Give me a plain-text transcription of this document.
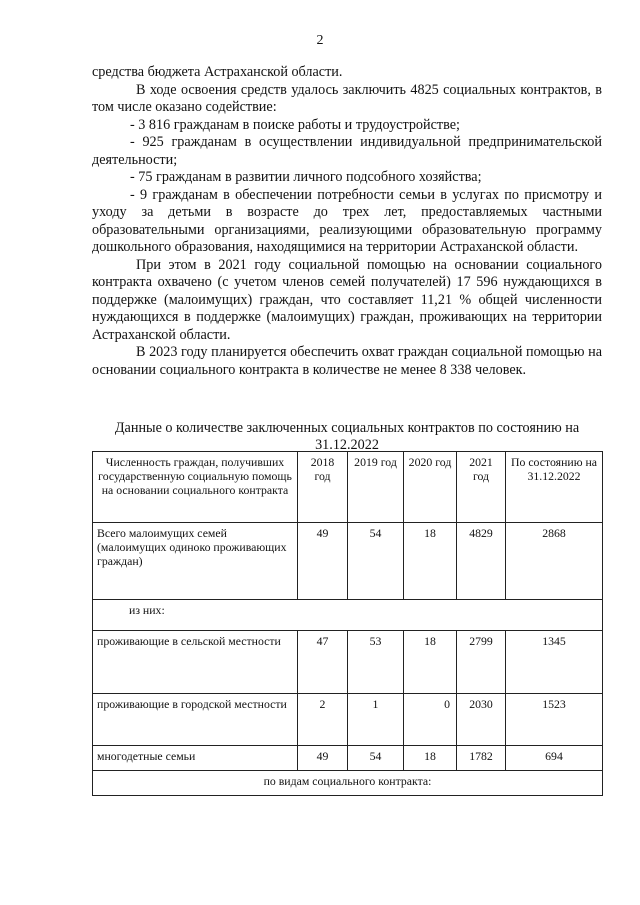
2

средства бюджета Астраханской области.

В ходе освоения средств удалось заключить 4825 социальных контрактов, в том числе оказано содействие:

- 3 816 гражданам в поиске работы и трудоустройстве;

- 925 гражданам в осуществлении индивидуальной предпринимательской деятельности;

- 75 гражданам в развитии личного подсобного хозяйства;

- 9 гражданам в обеспечении потребности семьи в услугах по присмотру и уходу за детьми в возрасте до трех лет, предоставляемых частными образовательными организациями, реализующими образовательную программу дошкольного образования, находящимися на территории Астраханской области.

При этом в 2021 году социальной помощью на основании социального контракта охвачено (с учетом членов семей получателей) 17 596 нуждающихся в поддержке (малоимущих) граждан, что составляет 11,21 % общей численности нуждающихся в поддержке (малоимущих) граждан, проживающих на территории Астраханской области.

В 2023 году планируется обеспечить охват граждан социальной помощью на основании социального контракта в количестве не менее 8 338 человек.

Данные о количестве заключенных социальных контрактов по состоянию на 31.12.2022
Численность граждан, получивших государственную социальную помощь на основании социального контракта	2018 год	2019 год	2020 год	2021 год	По состоянию на 31.12.2022
Всего малоимущих семей (малоимущих одиноко проживающих граждан)	49	54	18	4829	2868
из них:					
проживающие в сельской местности	47	53	18	2799	1345
проживающие в городской местности	2	1	0	2030	1523
многодетные семьи	49	54	18	1782	694
по видам социального контракта:					
